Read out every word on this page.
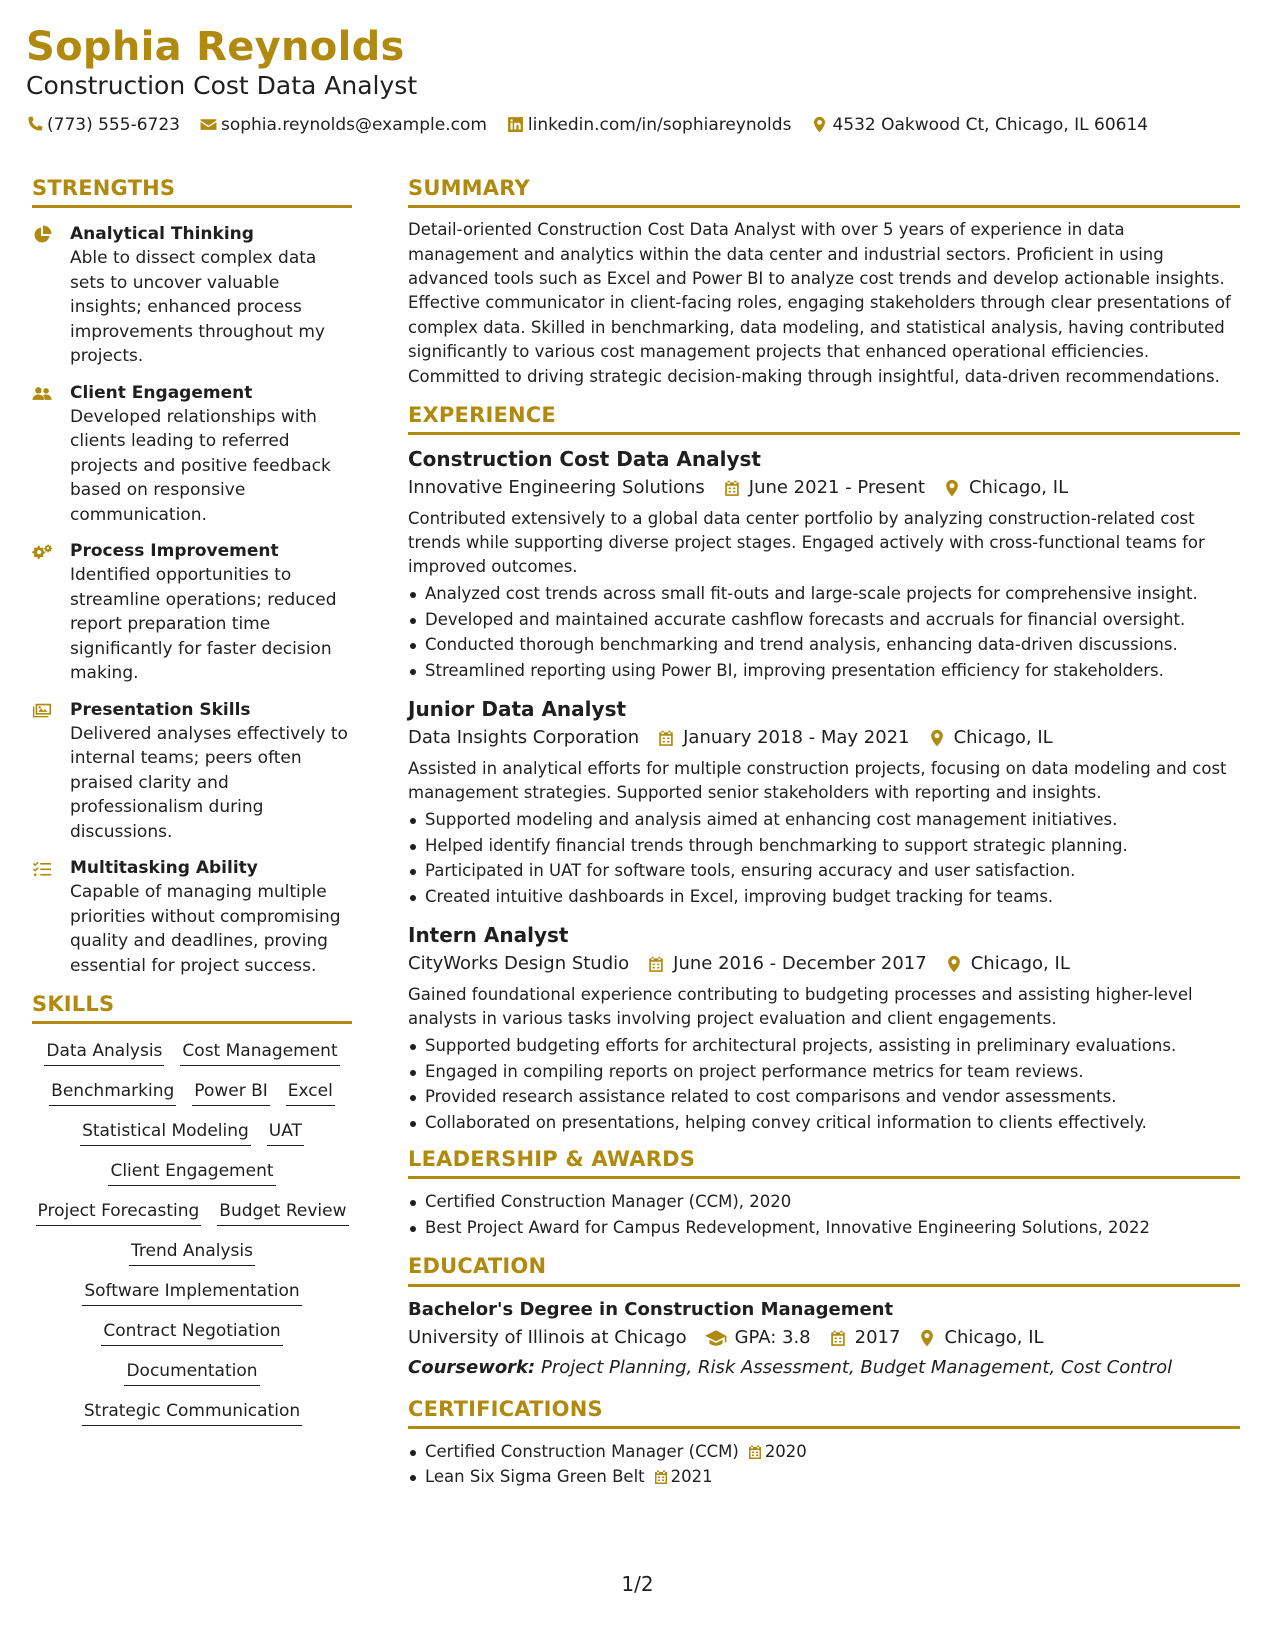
Sophia Reynolds
Construction Cost Data Analyst
(773) 555-6723 sophia.reynolds@example.com linkedin.com/in/sophiareynolds 4532 Oakwood Ct, Chicago, IL 60614
STRENGTHS
Analytical Thinking
Able to dissect complex data sets to uncover valuable insights; enhanced process improvements throughout my projects.
Client Engagement
Developed relationships with clients leading to referred projects and positive feedback based on responsive communication.
Process Improvement
Identified opportunities to streamline operations; reduced report preparation time significantly for faster decision making.
Presentation Skills
Delivered analyses effectively to internal teams; peers often praised clarity and professionalism during discussions.
Multitasking Ability
Capable of managing multiple priorities without compromising quality and deadlines, proving essential for project success.
SKILLS
Data Analysis Cost Management
Benchmarking Power BI Excel
Statistical Modeling UAT
Client Engagement
Project Forecasting Budget Review
Trend Analysis
Software Implementation
Contract Negotiation
Documentation
Strategic Communication
SUMMARY
Detail-oriented Construction Cost Data Analyst with over 5 years of experience in data management and analytics within the data center and industrial sectors. Proficient in using advanced tools such as Excel and Power BI to analyze cost trends and develop actionable insights. Effective communicator in client-facing roles, engaging stakeholders through clear presentations of complex data. Skilled in benchmarking, data modeling, and statistical analysis, having contributed significantly to various cost management projects that enhanced operational efficiencies. Committed to driving strategic decision-making through insightful, data-driven recommendations.
EXPERIENCE
Construction Cost Data Analyst
Innovative Engineering Solutions June 2021 - Present Chicago, IL
Contributed extensively to a global data center portfolio by analyzing construction-related cost trends while supporting diverse project stages. Engaged actively with cross-functional teams for improved outcomes.
Analyzed cost trends across small fit-outs and large-scale projects for comprehensive insight.
Developed and maintained accurate cashflow forecasts and accruals for financial oversight.
Conducted thorough benchmarking and trend analysis, enhancing data-driven discussions.
Streamlined reporting using Power BI, improving presentation efficiency for stakeholders.
Junior Data Analyst
Data Insights Corporation January 2018 - May 2021 Chicago, IL
Assisted in analytical efforts for multiple construction projects, focusing on data modeling and cost management strategies. Supported senior stakeholders with reporting and insights.
Supported modeling and analysis aimed at enhancing cost management initiatives.
Helped identify financial trends through benchmarking to support strategic planning.
Participated in UAT for software tools, ensuring accuracy and user satisfaction.
Created intuitive dashboards in Excel, improving budget tracking for teams.
Intern Analyst
CityWorks Design Studio June 2016 - December 2017 Chicago, IL
Gained foundational experience contributing to budgeting processes and assisting higher-level analysts in various tasks involving project evaluation and client engagements.
Supported budgeting efforts for architectural projects, assisting in preliminary evaluations.
Engaged in compiling reports on project performance metrics for team reviews.
Provided research assistance related to cost comparisons and vendor assessments.
Collaborated on presentations, helping convey critical information to clients effectively.
LEADERSHIP & AWARDS
Certified Construction Manager (CCM), 2020
Best Project Award for Campus Redevelopment, Innovative Engineering Solutions, 2022
EDUCATION
Bachelor's Degree in Construction Management
University of Illinois at Chicago	GPA: 3.8 2017 Chicago, IL
Coursework: Project Planning, Risk Assessment, Budget Management, Cost Control
CERTIFICATIONS
Certified Construction Manager (CCM) 2020
Lean Six Sigma Green Belt 2021
1/2
